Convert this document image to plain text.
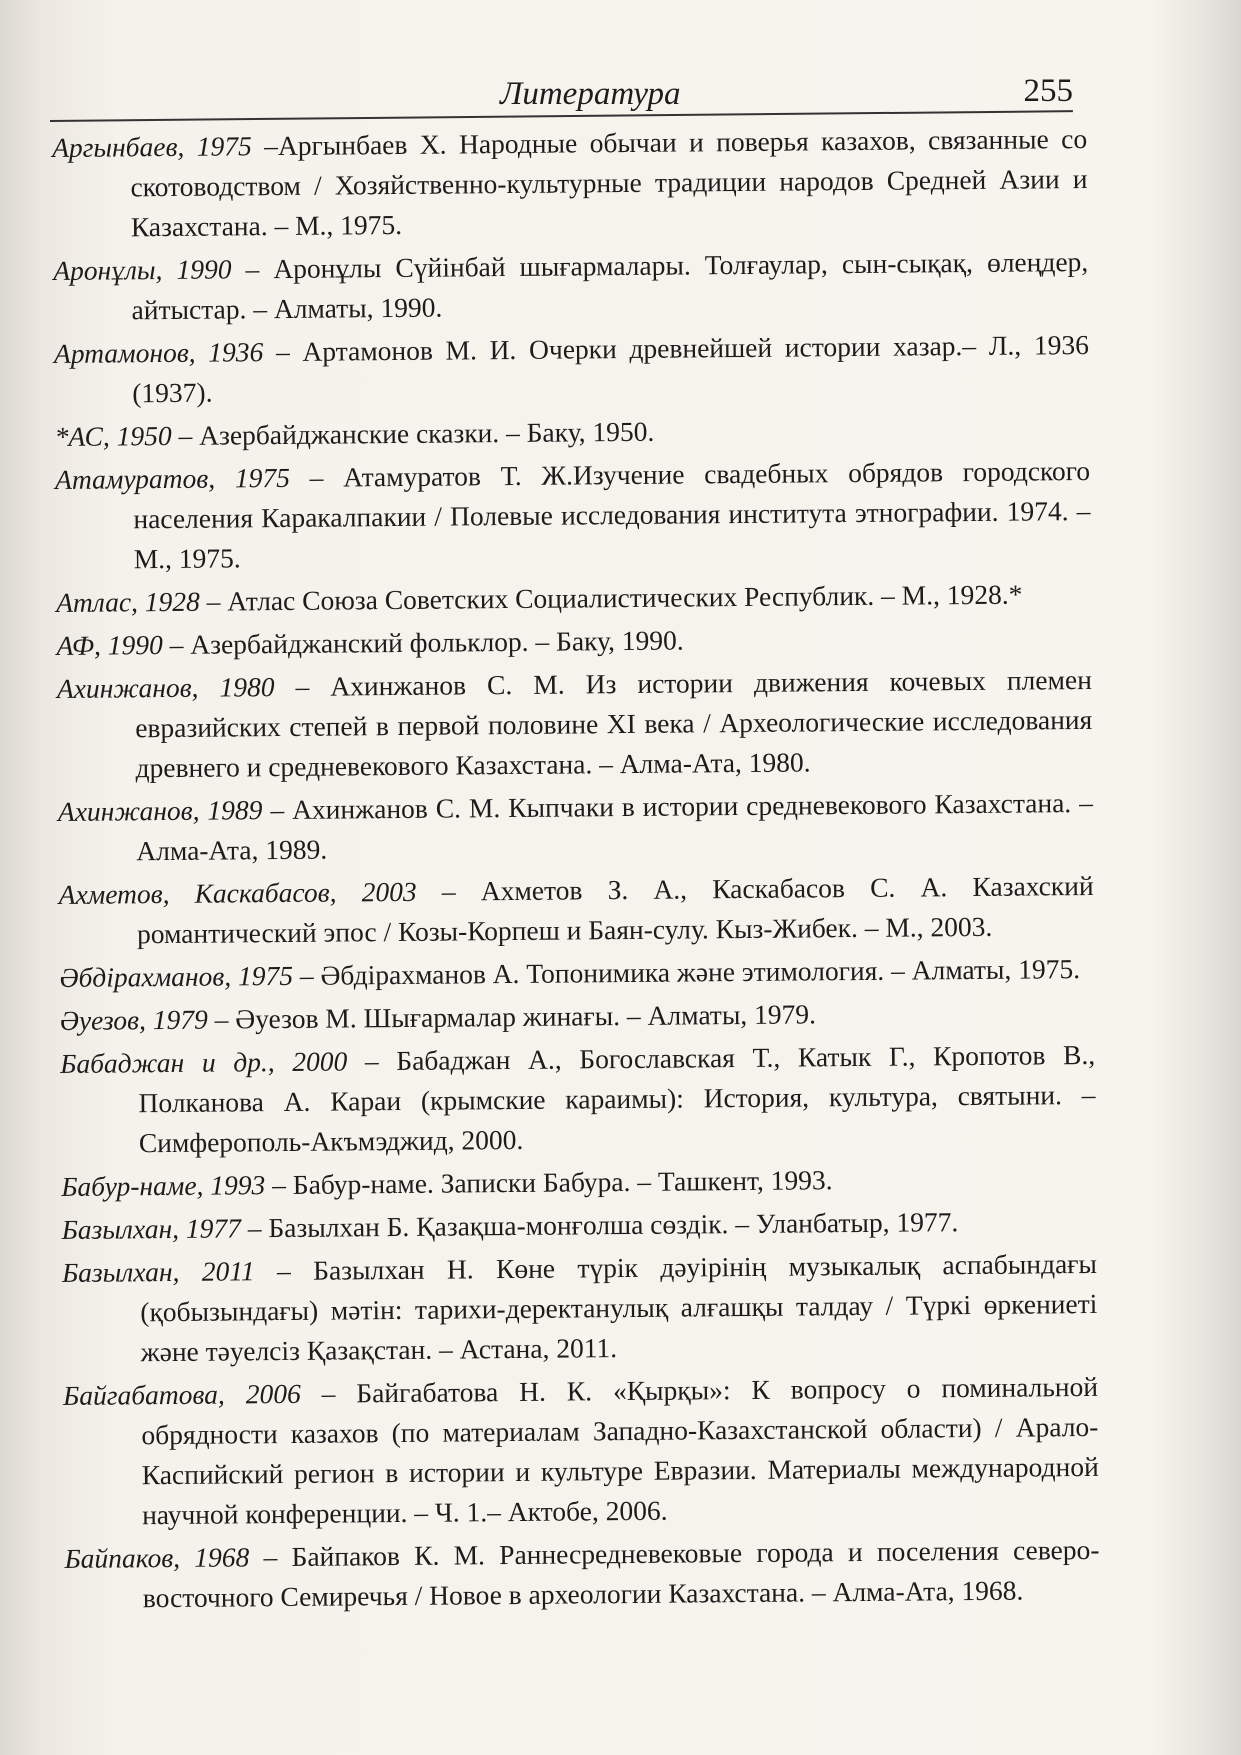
Литература	255

Аргынбаев, 1975 –Аргынбаев Х. Народные обычаи и поверья казахов, связанные со скотоводством / Хозяйственно-культурные традиции народов Средней Азии и Казахстана. – М., 1975.

Аронұлы, 1990 – Аронұлы Сүйінбай шығармалары. Толғаулар, сын-сықақ, өлеңдер, айтыстар. – Алматы, 1990.

Артамонов, 1936 – Артамонов М. И. Очерки древнейшей истории хазар.– Л., 1936 (1937).

*АС, 1950 – Азербайджанские сказки. – Баку, 1950.

Атамуратов, 1975 – Атамуратов Т. Ж.Изучение свадебных обрядов городского населения Каракалпакии / Полевые исследования института этнографии. 1974. – М., 1975.

Атлас, 1928 – Атлас Союза Советских Социалистических Республик. – М., 1928.*

АФ, 1990 – Азербайджанский фольклор. – Баку, 1990.

Ахинжанов, 1980 – Ахинжанов С. М. Из истории движения кочевых племен евразийских степей в первой половине XI века / Археологические исследования древнего и средневекового Казахстана. – Алма-Ата, 1980.

Ахинжанов, 1989 – Ахинжанов С. М. Кыпчаки в истории средневекового Казахстана. – Алма-Ата, 1989.

Ахметов, Каскабасов, 2003 – Ахметов З. А., Каскабасов С. А. Казахский романтический эпос / Козы-Корпеш и Баян-сулу. Кыз-Жибек. – М., 2003.

Әбдірахманов, 1975 – Әбдірахманов А. Топонимика және этимология. – Алматы, 1975.

Әуезов, 1979 – Әуезов М. Шығармалар жинағы. – Алматы, 1979.

Бабаджан и др., 2000 – Бабаджан А., Богославская Т., Катык Г., Кропотов В., Полканова А. Караи (крымские караимы): История, культура, святыни. – Симферополь-Акъмэджид, 2000.

Бабур-наме, 1993 – Бабур-наме. Записки Бабура. – Ташкент, 1993.

Базылхан, 1977 – Базылхан Б. Қазақша-монғолша сөздік. – Уланбатыр, 1977.

Базылхан, 2011 – Базылхан Н. Көне түрік дәуірінің музыкалық аспабындағы (қобызындағы) мәтін: тарихи-деректанулық алғашқы талдау / Түркі өркениеті және тәуелсіз Қазақстан. – Астана, 2011.

Байгабатова, 2006 – Байгабатова Н. К. «Қырқы»: К вопросу о поминальной обрядности казахов (по материалам Западно-Казахстанской области) / Арало-Каспийский регион в истории и культуре Евразии. Материалы международной научной конференции. – Ч. 1.– Актобе, 2006.

Байпаков, 1968 – Байпаков К. М. Раннесредневековые города и поселения северо-восточного Семиречья / Новое в археологии Казахстана. – Алма-Ата, 1968.
